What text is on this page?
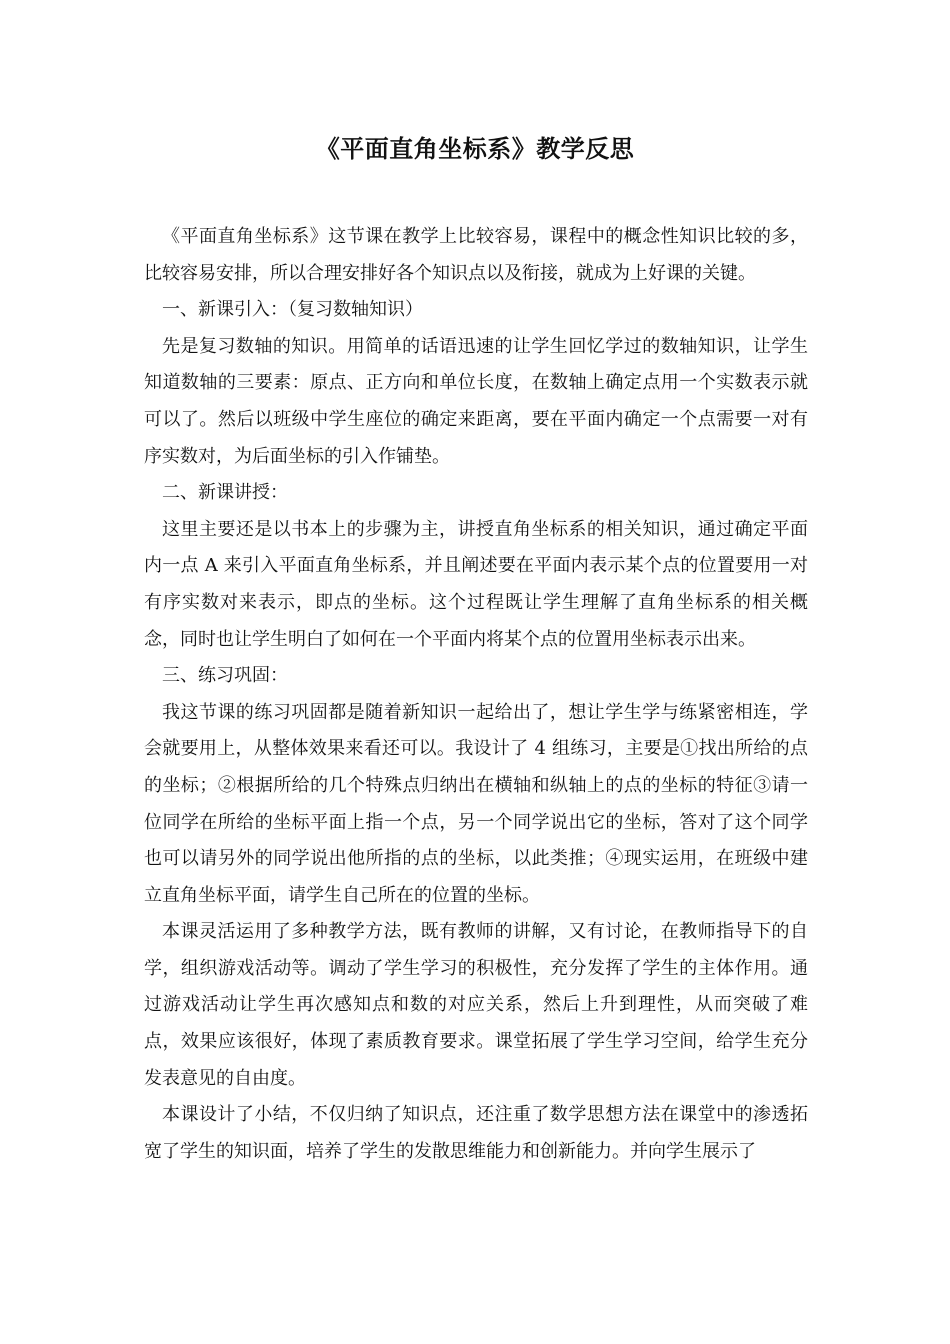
《平面直角坐标系》教学反思

《平面直角坐标系》这节课在教学上比较容易，课程中的概念性知识比较的多，比较容易安排，所以合理安排好各个知识点以及衔接，就成为上好课的关键。

一、新课引入：（复习数轴知识）

先是复习数轴的知识。用简单的话语迅速的让学生回忆学过的数轴知识，让学生知道数轴的三要素：原点、正方向和单位长度，在数轴上确定点用一个实数表示就可以了。然后以班级中学生座位的确定来距离，要在平面内确定一个点需要一对有序实数对，为后面坐标的引入作铺垫。

二、新课讲授：

这里主要还是以书本上的步骤为主，讲授直角坐标系的相关知识，通过确定平面内一点 A 来引入平面直角坐标系，并且阐述要在平面内表示某个点的位置要用一对有序实数对来表示，即点的坐标。这个过程既让学生理解了直角坐标系的相关概念，同时也让学生明白了如何在一个平面内将某个点的位置用坐标表示出来。

三、练习巩固：

我这节课的练习巩固都是随着新知识一起给出了，想让学生学与练紧密相连，学会就要用上，从整体效果来看还可以。我设计了 4 组练习，主要是①找出所给的点的坐标；②根据所给的几个特殊点归纳出在横轴和纵轴上的点的坐标的特征③请一位同学在所给的坐标平面上指一个点，另一个同学说出它的坐标，答对了这个同学也可以请另外的同学说出他所指的点的坐标，以此类推；④现实运用，在班级中建立直角坐标平面，请学生自己所在的位置的坐标。

本课灵活运用了多种教学方法，既有教师的讲解，又有讨论，在教师指导下的自学，组织游戏活动等。调动了学生学习的积极性，充分发挥了学生的主体作用。通过游戏活动让学生再次感知点和数的对应关系，然后上升到理性，从而突破了难点，效果应该很好，体现了素质教育要求。课堂拓展了学生学习空间，给学生充分发表意见的自由度。

本课设计了小结，不仅归纳了知识点，还注重了数学思想方法在课堂中的渗透拓宽了学生的知识面，培养了学生的发散思维能力和创新能力。并向学生展示了
